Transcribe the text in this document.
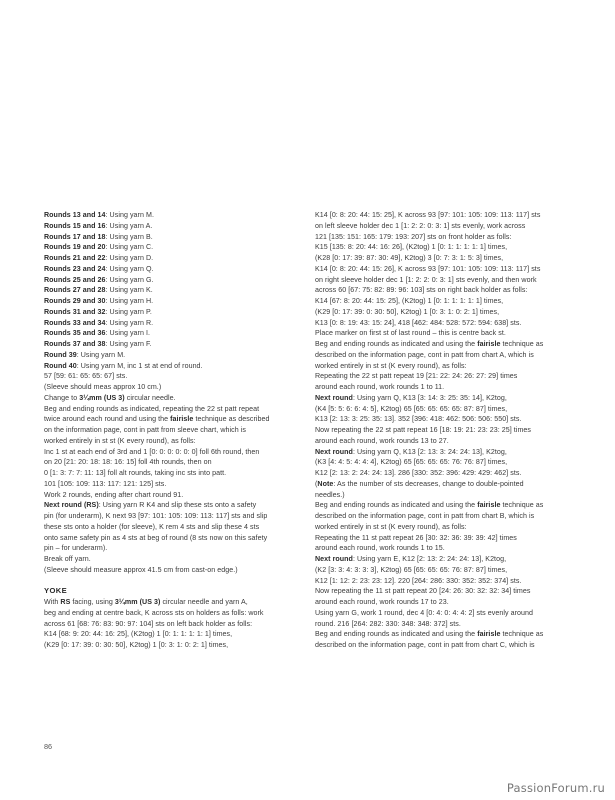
Rounds 13 and 14: Using yarn M.
Rounds 15 and 16: Using yarn A.
Rounds 17 and 18: Using yarn B.
Rounds 19 and 20: Using yarn C.
Rounds 21 and 22: Using yarn D.
Rounds 23 and 24: Using yarn Q.
Rounds 25 and 26: Using yarn G.
Rounds 27 and 28: Using yarn K.
Rounds 29 and 30: Using yarn H.
Rounds 31 and 32: Using yarn P.
Rounds 33 and 34: Using yarn R.
Rounds 35 and 36: Using yarn I.
Rounds 37 and 38: Using yarn F.
Round 39: Using yarn M.
Round 40: Using yarn M, inc 1 st at end of round.
57 [59: 61: 65: 65: 67] sts.
(Sleeve should meas approx 10 cm.)
Change to 3¼mm (US 3) circular needle.
Beg and ending rounds as indicated, repeating the 22 st patt repeat
twice around each round and using the fairisle technique as described
on the information page, cont in patt from sleeve chart, which is
worked entirely in st st (K every round), as folls:
Inc 1 st at each end of 3rd and 1 [0: 0: 0: 0: 0: 0] foll 6th round, then
on 20 [21: 20: 18: 18: 16: 15] foll 4th rounds, then on
0 [1: 3: 7: 7: 11: 13] foll alt rounds, taking inc sts into patt.
101 [105: 109: 113: 117: 121: 125] sts.
Work 2 rounds, ending after chart round 91.
Next round (RS): Using yarn R K4 and slip these sts onto a safety
pin (for underarm), K next 93 [97: 101: 105: 109: 113: 117] sts and slip
these sts onto a holder (for sleeve), K rem 4 sts and slip these 4 sts
onto same safety pin as 4 sts at beg of round (8 sts now on this safety
pin – for underarm).
Break off yarn.
(Sleeve should measure approx 41.5 cm from cast-on edge.)
YOKE
With RS facing, using 3¼mm (US 3) circular needle and yarn A,
beg and ending at centre back, K across sts on holders as folls: work
across 61 [68: 76: 83: 90: 97: 104] sts on left back holder as folls:
K14 [68: 9: 20: 44: 16: 25], (K2tog) 1 [0: 1: 1: 1: 1: 1] times,
(K29 [0: 17: 39: 0: 30: 50], K2tog) 1 [0: 3: 1: 0: 2: 1] times,
K14 [0: 8: 20: 44: 15: 25], K across 93 [97: 101: 105: 109: 113: 117] sts
on left sleeve holder dec 1 [1: 2: 2: 0: 3: 1] sts evenly, work across
121 [135: 151: 165: 179: 193: 207] sts on front holder as folls:
K15 [135: 8: 20: 44: 16: 26], (K2tog) 1 [0: 1: 1: 1: 1: 1] times,
(K28 [0: 17: 39: 87: 30: 49], K2tog) 3 [0: 7: 3: 1: 5: 3] times,
K14 [0: 8: 20: 44: 15: 26], K across 93 [97: 101: 105: 109: 113: 117] sts
on right sleeve holder dec 1 [1: 2: 2: 0: 3: 1] sts evenly, and then work
across 60 [67: 75: 82: 89: 96: 103] sts on right back holder as folls:
K14 [67: 8: 20: 44: 15: 25], (K2tog) 1 [0: 1: 1: 1: 1: 1] times,
(K29 [0: 17: 39: 0: 30: 50], K2tog) 1 [0: 3: 1: 0: 2: 1] times,
K13 [0: 8: 19: 43: 15: 24], 418 [462: 484: 528: 572: 594: 638] sts.
Place marker on first st of last round – this is centre back st.
Beg and ending rounds as indicated and using the fairisle technique as
described on the information page, cont in patt from chart A, which is
worked entirely in st st (K every round), as folls:
Repeating the 22 st patt repeat 19 [21: 22: 24: 26: 27: 29] times
around each round, work rounds 1 to 11.
Next round: Using yarn Q, K13 [3: 14: 3: 25: 35: 14], K2tog,
(K4 [5: 5: 6: 6: 4: 5], K2tog) 65 [65: 65: 65: 65: 87: 87] times,
K13 [2: 13: 3: 25: 35: 13]. 352 [396: 418: 462: 506: 506: 550] sts.
Now repeating the 22 st patt repeat 16 [18: 19: 21: 23: 23: 25] times
around each round, work rounds 13 to 27.
Next round: Using yarn Q, K13 [2: 13: 3: 24: 24: 13], K2tog,
(K3 [4: 4: 5: 4: 4: 4], K2tog) 65 [65: 65: 65: 76: 76: 87] times,
K12 [2: 13: 2: 24: 24: 13]. 286 [330: 352: 396: 429: 429: 462] sts.
(Note: As the number of sts decreases, change to double-pointed
needles.)
Beg and ending rounds as indicated and using the fairisle technique as
described on the information page, cont in patt from chart B, which is
worked entirely in st st (K every round), as folls:
Repeating the 11 st patt repeat 26 [30: 32: 36: 39: 39: 42] times
around each round, work rounds 1 to 15.
Next round: Using yarn E, K12 [2: 13: 2: 24: 24: 13], K2tog,
(K2 [3: 3: 4: 3: 3: 3], K2tog) 65 [65: 65: 65: 76: 87: 87] times,
K12 [1: 12: 2: 23: 23: 12]. 220 [264: 286: 330: 352: 352: 374] sts.
Now repeating the 11 st patt repeat 20 [24: 26: 30: 32: 32: 34] times
around each round, work rounds 17 to 23.
Using yarn G, work 1 round, dec 4 [0: 4: 0: 4: 4: 2] sts evenly around
round. 216 [264: 282: 330: 348: 348: 372] sts.
Beg and ending rounds as indicated and using the fairisle technique as
described on the information page, cont in patt from chart C, which is
86
PassionForum.ru
